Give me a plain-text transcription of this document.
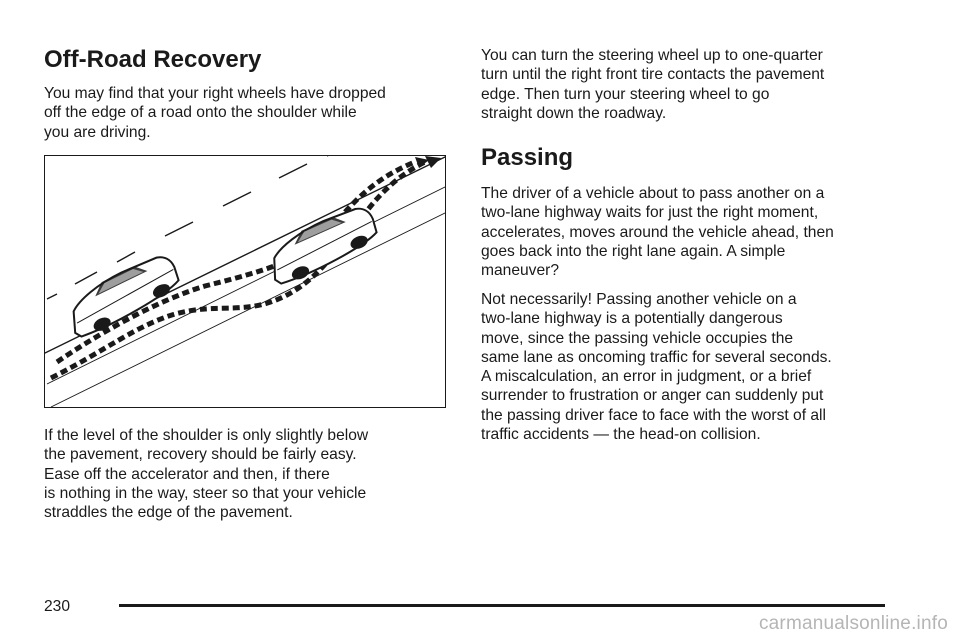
Off-Road Recovery

You may find that your right wheels have dropped
off the edge of a road onto the shoulder while
you are driving.

If the level of the shoulder is only slightly below
the pavement, recovery should be fairly easy.
Ease off the accelerator and then, if there
is nothing in the way, steer so that your vehicle
straddles the edge of the pavement.

You can turn the steering wheel up to one-quarter
turn until the right front tire contacts the pavement
edge. Then turn your steering wheel to go
straight down the roadway.

Passing

The driver of a vehicle about to pass another on a
two-lane highway waits for just the right moment,
accelerates, moves around the vehicle ahead, then
goes back into the right lane again. A simple
maneuver?

Not necessarily! Passing another vehicle on a
two-lane highway is a potentially dangerous
move, since the passing vehicle occupies the
same lane as oncoming traffic for several seconds.
A miscalculation, an error in judgment, or a brief
surrender to frustration or anger can suddenly put
the passing driver face to face with the worst of all
traffic accidents — the head-on collision.

230
carmanualsonline.info
